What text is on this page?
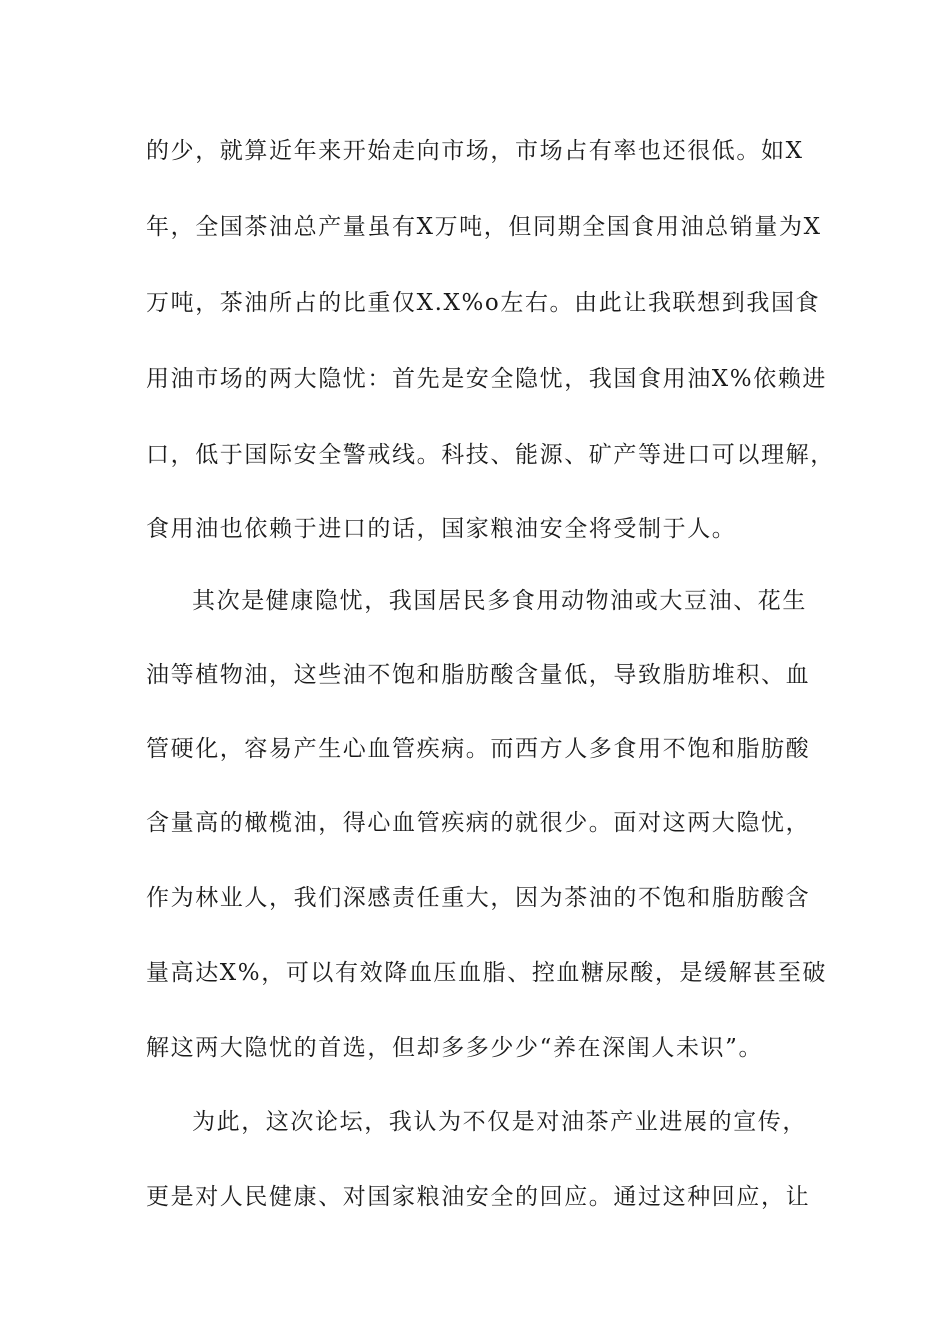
的少，就算近年来开始走向市场，市场占有率也还很低。如X
年，全国茶油总产量虽有X万吨，但同期全国食用油总销量为X
万吨，茶油所占的比重仅X.X%o左右。由此让我联想到我国食
用油市场的两大隐忧：首先是安全隐忧，我国食用油X%依赖进
口，低于国际安全警戒线。科技、能源、矿产等进口可以理解，
食用油也依赖于进口的话，国家粮油安全将受制于人。
其次是健康隐忧，我国居民多食用动物油或大豆油、花生
油等植物油，这些油不饱和脂肪酸含量低，导致脂肪堆积、血
管硬化，容易产生心血管疾病。而西方人多食用不饱和脂肪酸
含量高的橄榄油，得心血管疾病的就很少。面对这两大隐忧，
作为林业人，我们深感责任重大，因为茶油的不饱和脂肪酸含
量高达X%，可以有效降血压血脂、控血糖尿酸，是缓解甚至破
解这两大隐忧的首选，但却多多少少“养在深闺人未识”。
为此，这次论坛，我认为不仅是对油茶产业进展的宣传，
更是对人民健康、对国家粮油安全的回应。通过这种回应，让
